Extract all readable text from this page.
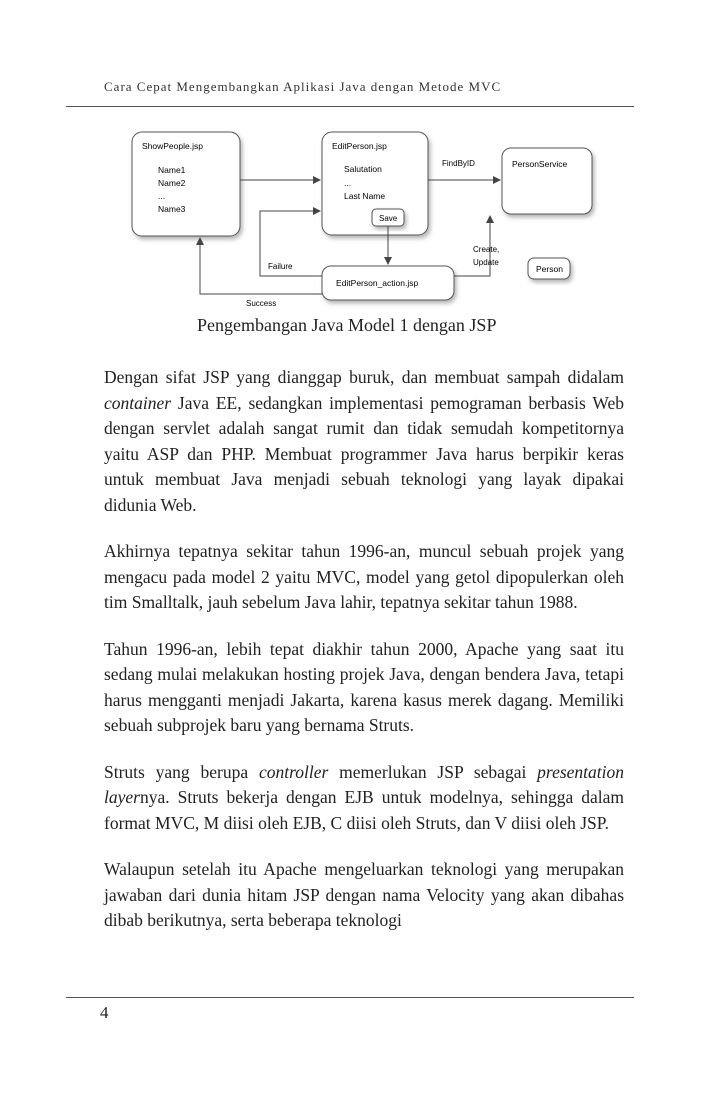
Cara Cepat Mengembangkan Aplikasi Java dengan Metode MVC
ShowPeople.jsp
Name1
Name2
...
Name3
EditPerson.jsp
Salutation
...
Last Name
Save
PersonService
Person
EditPerson_action.jsp
FindByID
Create,
Update
Failure
Success
Pengembangan Java Model 1 dengan JSP

Dengan sifat JSP yang dianggap buruk, dan membuat sampah didalam container Java EE, sedangkan implementasi pemograman berbasis Web dengan servlet adalah sangat rumit dan tidak semudah kompetitornya yaitu ASP dan PHP. Membuat programmer Java harus berpikir keras untuk membuat Java menjadi sebuah teknologi yang layak dipakai didunia Web.

Akhirnya tepatnya sekitar tahun 1996-an, muncul sebuah projek yang mengacu pada model 2 yaitu MVC, model yang getol dipopulerkan oleh tim Smalltalk, jauh sebelum Java lahir, tepatnya sekitar tahun 1988.

Tahun 1996-an, lebih tepat diakhir tahun 2000, Apache yang saat itu sedang mulai melakukan hosting projek Java, dengan bendera Java, tetapi harus mengganti menjadi Jakarta, karena kasus merek dagang. Memiliki sebuah subprojek baru yang bernama Struts.

Struts yang berupa controller memerlukan JSP sebagai presentation layernya. Struts bekerja dengan EJB untuk modelnya, sehingga dalam format MVC, M diisi oleh EJB, C diisi oleh Struts, dan V diisi oleh JSP.

Walaupun setelah itu Apache mengeluarkan teknologi yang merupakan jawaban dari dunia hitam JSP dengan nama Velocity yang akan dibahas dibab berikutnya, serta beberapa teknologi

4
